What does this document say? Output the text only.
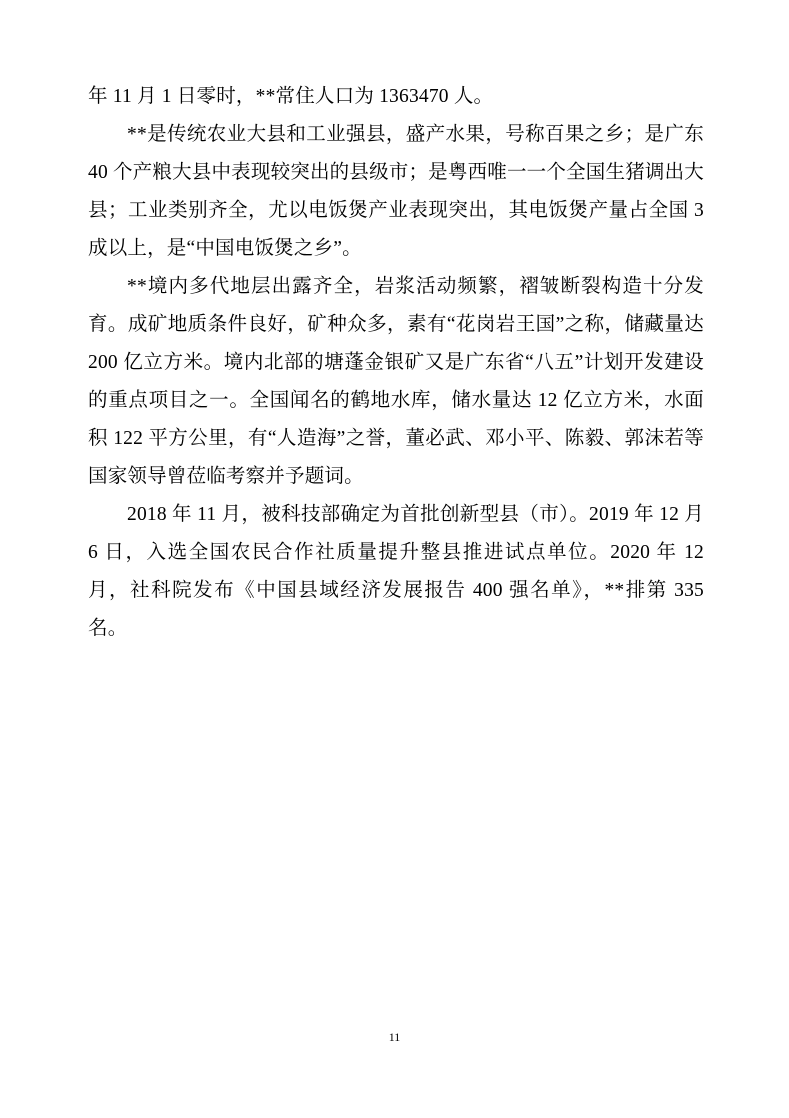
年 11 月 1 日零时，**常住人口为 1363470 人。

**是传统农业大县和工业强县，盛产水果，号称百果之乡；是广东 40 个产粮大县中表现较突出的县级市；是粤西唯一一个全国生猪调出大县；工业类别齐全，尤以电饭煲产业表现突出，其电饭煲产量占全国 3 成以上，是“中国电饭煲之乡”。

**境内多代地层出露齐全，岩浆活动频繁，褶皱断裂构造十分发育。成矿地质条件良好，矿种众多，素有“花岗岩王国”之称，储藏量达 200 亿立方米。境内北部的塘蓬金银矿又是广东省“八五”计划开发建设的重点项目之一。全国闻名的鹤地水库，储水量达 12 亿立方米，水面积 122 平方公里，有“人造海”之誉，董必武、邓小平、陈毅、郭沫若等国家领导曾莅临考察并予题词。

2018 年 11 月，被科技部确定为首批创新型县（市）。2019 年 12 月 6 日，入选全国农民合作社质量提升整县推进试点单位。2020 年 12 月，社科院发布《中国县域经济发展报告 400 强名单》，**排第 335 名。

11
